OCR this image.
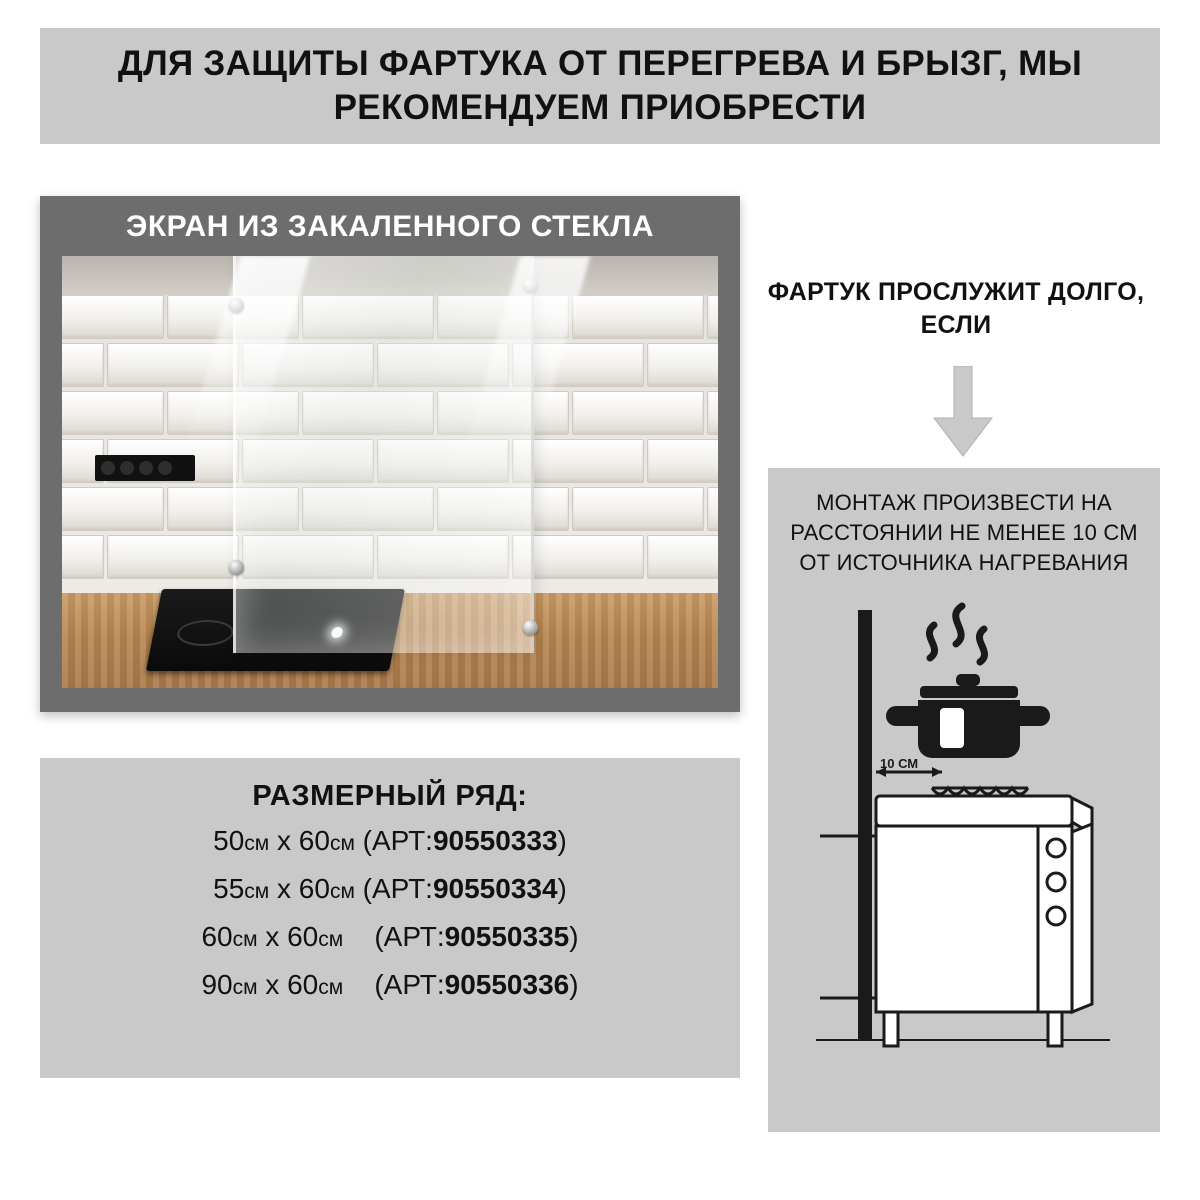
ДЛЯ ЗАЩИТЫ ФАРТУКА ОТ ПЕРЕГРЕВА И БРЫЗГ, МЫ РЕКОМЕНДУЕМ ПРИОБРЕСТИ
ЭКРАН ИЗ ЗАКАЛЕННОГО СТЕКЛА
ФАРТУК ПРОСЛУЖИТ ДОЛГО, ЕСЛИ
МОНТАЖ ПРОИЗВЕСТИ НА РАССТОЯНИИ НЕ МЕНЕЕ 10 СМ ОТ ИСТОЧНИКА НАГРЕВАНИЯ
10 СМ
РАЗМЕРНЫЙ РЯД:
50см x 60см (АРТ:90550333)
55см x 60см (АРТ:90550334)
60см x 60см
(АРТ:90550335)
90см x 60см
(АРТ:90550336)
